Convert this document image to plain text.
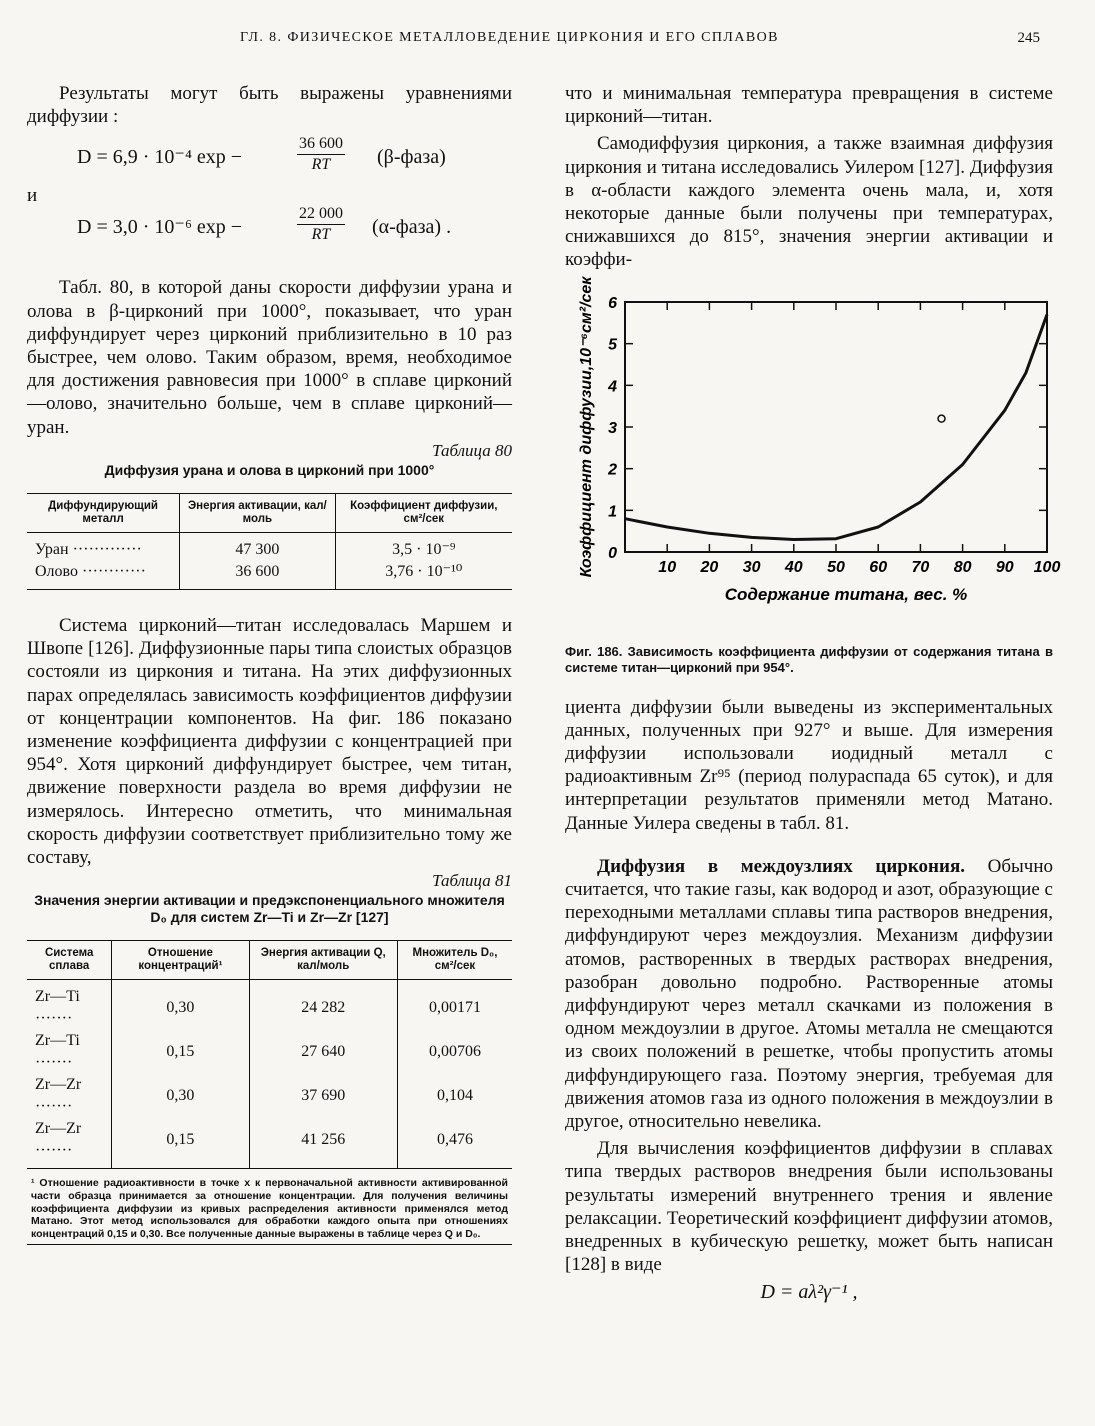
ГЛ. 8. ФИЗИЧЕСКОЕ МЕТАЛЛОВЕДЕНИЕ ЦИРКОНИЯ И ЕГО СПЛАВОВ	245

Результаты могут быть выражены уравнениями диффузии :

D = 6,9 · 10⁻⁴ exp −	$\frac{36 600}{RT}$ (β-фаза)

и

D = 3,0 · 10⁻⁶ exp −	$\frac{22 000}{RT}$ (α-фаза) .

Табл. 80, в которой даны скорости диффузии урана и олова в β-цирконий при 1000°, показывает, что уран диффундирует через цирконий приблизительно в 10 раз быстрее, чем олово. Таким образом, время, необходимое для достижения равновесия при 1000° в сплаве цирконий—олово, значительно больше, чем в сплаве цирконий— уран.

Таблица 80

Диффузия урана и олова в цирконий при 1000°

Диффундирующий металл	Энергия активации, кал/моль	Коэффициент диффузии, см²/сек
Уран ·············	47 300	3,5 · 10⁻⁹
Олово ············	36 600	3,76 · 10⁻¹⁰

Система цирконий—титан исследовалась Маршем и Швопе [126]. Диффузионные пары типа слоистых образцов состояли из циркония и титана. На этих диффузионных парах определялась зависимость коэффициентов диффузии от концентрации компонентов. На фиг. 186 показано изменение коэффициента диффузии с концентрацией при 954°. Хотя цирконий диффундирует быстрее, чем титан, движение поверхности раздела во время диффузии не измерялось. Интересно отметить, что минимальная скорость диффузии соответствует приблизительно тому же составу,

Таблица 81

Значения энергии активации и предэкспоненциального множителя D₀ для систем Zr—Ti и Zr—Zr [127]

Система сплава	Отношение концентраций¹	Энергия активации Q, кал/моль	Множитель D₀, см²/сек
Zr—Ti ·······	0,30	24 282	0,00171
Zr—Ti ·······	0,15	27 640	0,00706
Zr—Zr ·······	0,30	37 690	0,104
Zr—Zr ·······	0,15	41 256	0,476

¹ Отношение радиоактивности в точке x к первоначальной активности активированной части образца принимается за отношение концентрации. Для получения величины коэффициента диффузии из кривых распределения активности применялся метод Матано. Этот метод использовался для обработки каждого опыта при отношениях концентраций 0,15 и 0,30. Все полученные данные выражены в таблице через Q и D₀.

что и минимальная температура превращения в системе цирконий—титан.

Самодиффузия циркония, а также взаимная диффузия циркония и титана исследовались Уилером [127]. Диффузия в α-области каждого элемента очень мала, и, хотя некоторые данные были получены при температурах, снижавшихся до 815°, значения энергии активации и коэффи-

10 20 30 40 50 60 70 80 90 100
0
1
2
3
4
5
6
Содержание титана, вес. %
Коэффициент диффузии,10⁻⁶см²/сек

Фиг. 186. Зависимость коэффициента диффузии от содержания титана в системе титан—цирконий при 954°.

циента диффузии были выведены из экспериментальных данных, полученных при 927° и выше. Для измерения диффузии использовали иодидный металл с радиоактивным Zr⁹⁵ (период полураспада 65 суток), и для интерпретации результатов применяли метод Матано. Данные Уилера сведены в табл. 81.

Диффузия в междоузлиях циркония. Обычно считается, что такие газы, как водород и азот, образующие с переходными металлами сплавы типа растворов внедрения, диффундируют через междоузлия. Механизм диффузии атомов, растворенных в твердых растворах внедрения, разобран довольно подробно. Растворенные атомы диффундируют через металл скачками из положения в одном междоузлии в другое. Атомы металла не смещаются из своих положений в решетке, чтобы пропустить атомы диффундирующего газа. Поэтому энергия, требуемая для движения атомов газа из одного положения в междоузлии в другое, относительно невелика.

Для вычисления коэффициентов диффузии в сплавах типа твердых растворов внедрения были использованы результаты измерений внутреннего трения и явление релаксации. Теоретический коэффициент диффузии атомов, внедренных в кубическую решетку, может быть написан [128] в виде

D = aλ²γ⁻¹ ,
